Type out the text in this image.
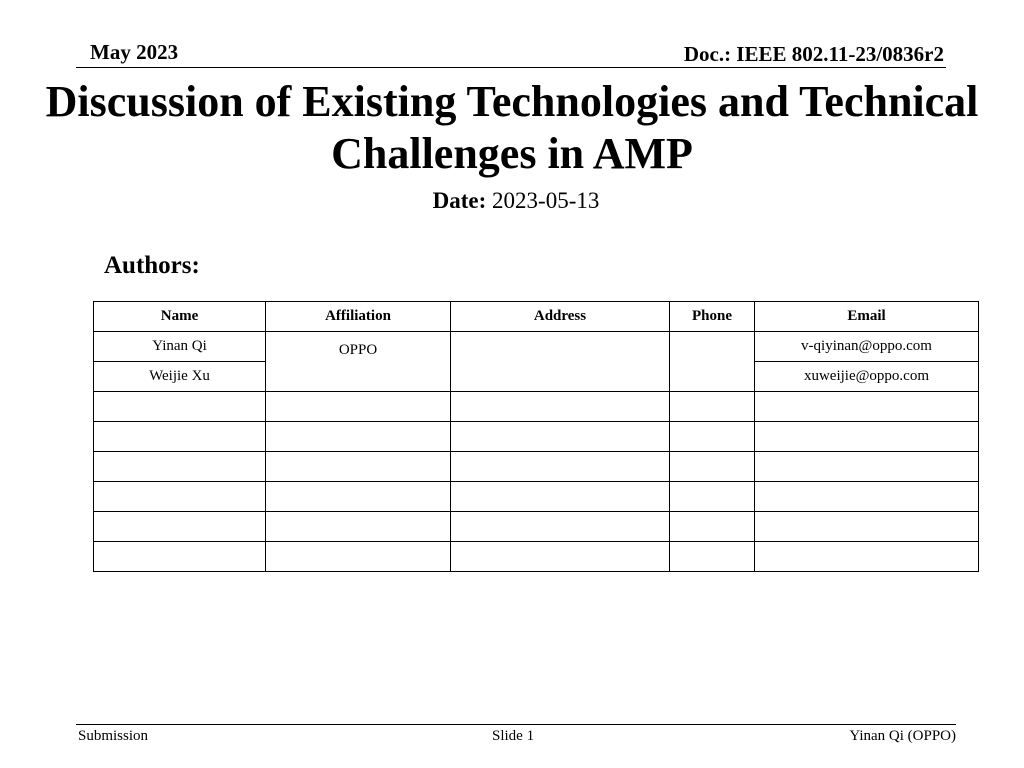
May 2023	Doc.: IEEE 802.11-23/0836r2
Discussion of Existing Technologies and Technical
Challenges in AMP
Date: 2023-05-13
Authors:
Name	Affiliation	Address	Phone	Email
Yinan Qi	OPPO			v-qiyinan@oppo.com
Weijie Xu				xuweijie@oppo.com

Submission	Slide 1	Yinan Qi (OPPO)
